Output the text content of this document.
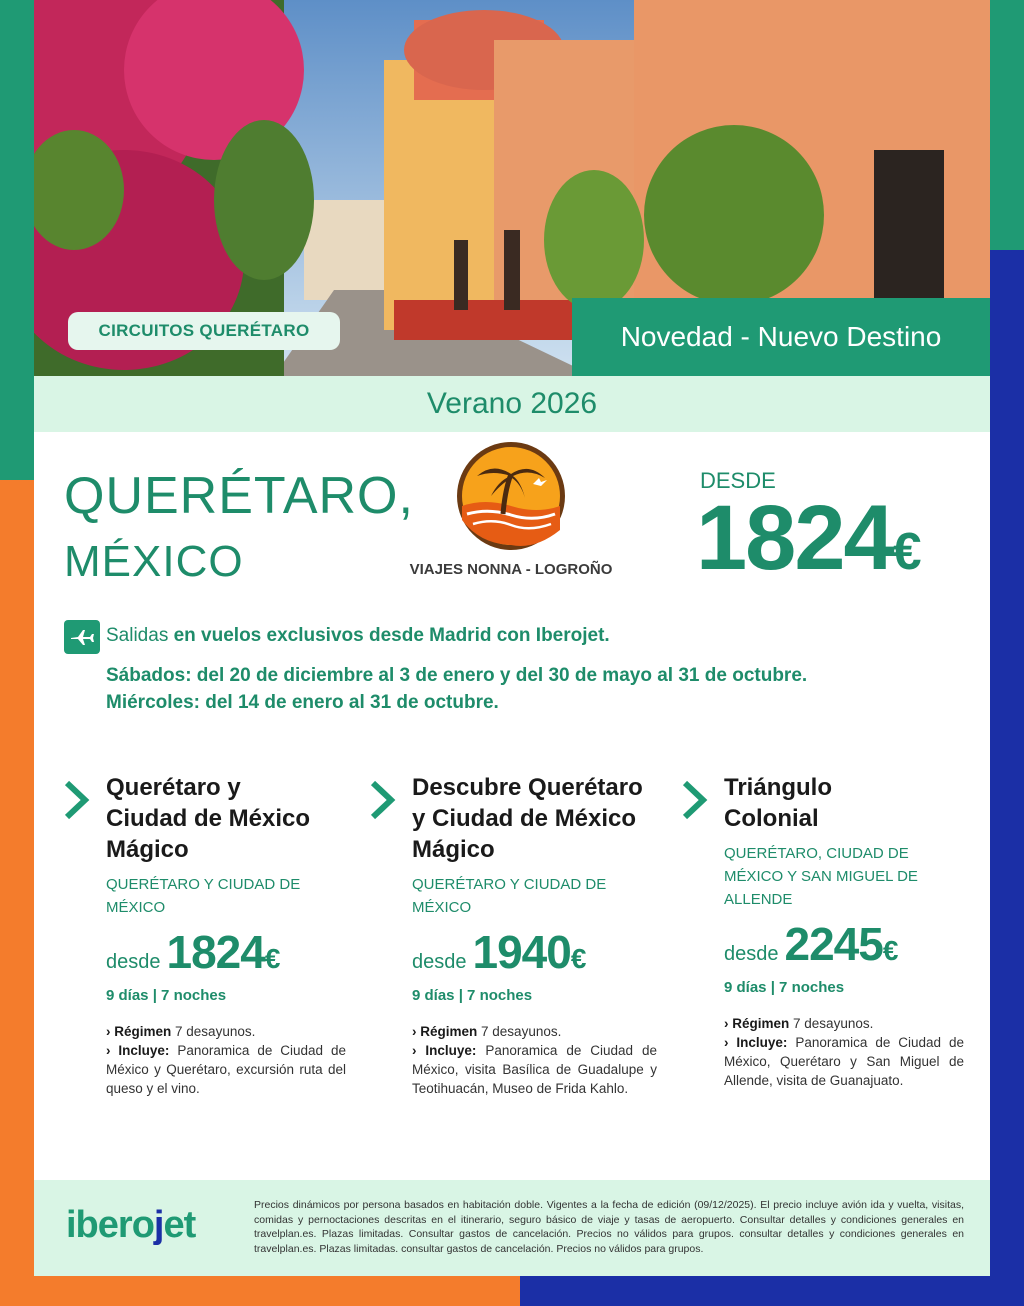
CIRCUITOS QUERÉTARO	Novedad - Nuevo Destino
Verano 2026
QUERÉTARO,
MÉXICO	VIAJES NONNA - LOGROÑO
DESDE
1824€
Salidas en vuelos exclusivos desde Madrid con Iberojet.
Sábados: del 20 de diciembre al 3 de enero y del 30 de mayo al 31 de octubre.
Miércoles: del 14 de enero al 31 de octubre.
Querétaro y Ciudad de México Mágico
QUERÉTARO Y CIUDAD DE MÉXICO
desde 1824 €
9 días | 7 noches
› Régimen 7 desayunos.
› Incluye: Panoramica de Ciudad de México y Querétaro, excursión ruta del queso y el vino.
Descubre Querétaro y Ciudad de México Mágico
QUERÉTARO Y CIUDAD DE MÉXICO
desde 1940 €
9 días | 7 noches
› Régimen 7 desayunos.
› Incluye: Panoramica de Ciudad de México, visita Basílica de Guadalupe y Teotihuacán, Museo de Frida Kahlo.
Triángulo Colonial
QUERÉTARO, CIUDAD DE MÉXICO Y SAN MIGUEL DE ALLENDE
desde 2245 €
9 días | 7 noches
› Régimen 7 desayunos.
› Incluye: Panoramica de Ciudad de México, Querétaro y San Miguel de Allende, visita de Guanajuato.
iberojet	Precios dinámicos por persona basados en habitación doble. Vigentes a la fecha de edición (09/12/2025). El precio incluye avión ida y vuelta, visitas, comidas y pernoctaciones descritas en el itinerario, seguro básico de viaje y tasas de aeropuerto. Consultar detalles y condiciones generales en travelplan.es. Plazas limitadas. Consultar gastos de cancelación. Precios no válidos para grupos. consultar detalles y condiciones generales en travelplan.es. Plazas limitadas. consultar gastos de cancelación. Precios no válidos para grupos.
